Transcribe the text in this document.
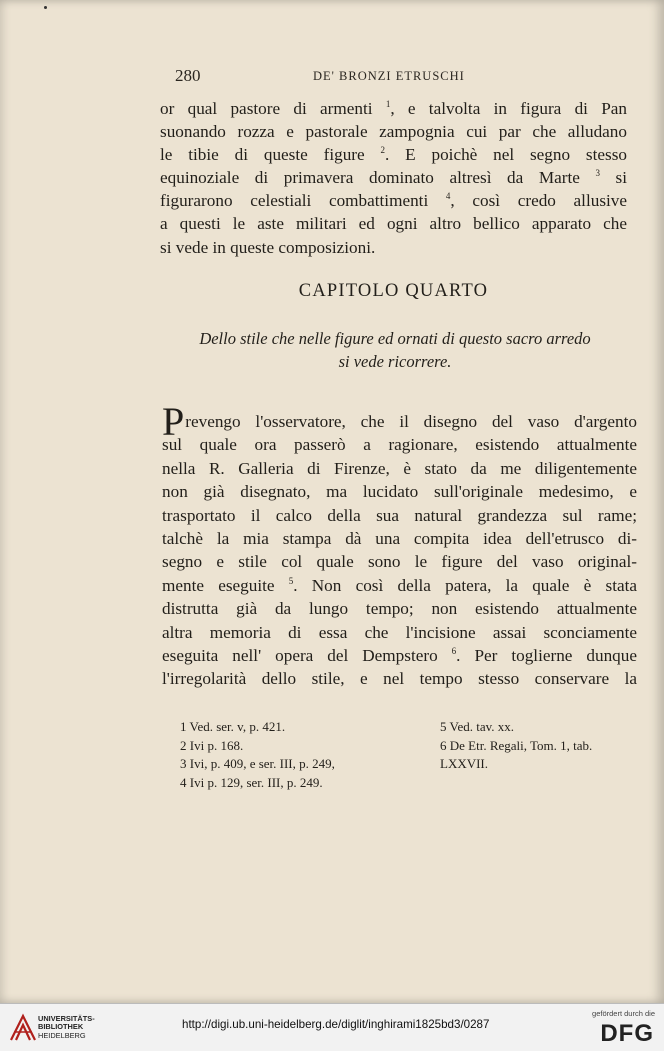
280	DE' BRONZI ETRUSCHI
or qual pastore di armenti $^1$, e talvolta in figura di Pan
suonando rozza e pastorale zampognia cui par che alludano
le tibie di queste figure $^2$. E poichè nel segno stesso
equinoziale di primavera dominato altresì da Marte $^3$ si
figurarono celestiali combattimenti $^4$, così credo allusive
a questi le aste militari ed ogni altro bellico apparato che
si vede in queste composizioni.
CAPITOLO QUARTO
Dello stile che nelle figure ed ornati di questo sacro arredo
si vede ricorrere.
Prevengo l'osservatore, che il disegno del vaso d'argento
sul quale ora passerò a ragionare, esistendo attualmente
nella R. Galleria di Firenze, è stato da me diligentemente
non già disegnato, ma lucidato sull'originale medesimo, e
trasportato il calco della sua natural grandezza sul rame;
talchè la mia stampa dà una compita idea dell'etrusco di-
segno e stile col quale sono le figure del vaso original-
mente eseguite $^5$. Non così della patera, la quale è stata
distrutta già da lungo tempo; non esistendo attualmente
altra memoria di essa che l'incisione assai sconciamente
eseguita nell' opera del Dempstero $^6$. Per toglierne dunque
l'irregolarità dello stile, e nel tempo stesso conservare la
1 Ved. ser. v, p. 421.
2 Ivi p. 168.
3 Ivi, p. 409, e ser. III, p. 249,
4 Ivi p. 129, ser. III, p. 249.
5 Ved. tav. xx.
6 De Etr. Regali, Tom. 1, tab.
LXXVII.
UNIVERSITÄTS-
BIBLIOTHEK
HEIDELBERG
http://digi.ub.uni-heidelberg.de/diglit/inghirami1825bd3/0287
gefördert durch die
DFG
